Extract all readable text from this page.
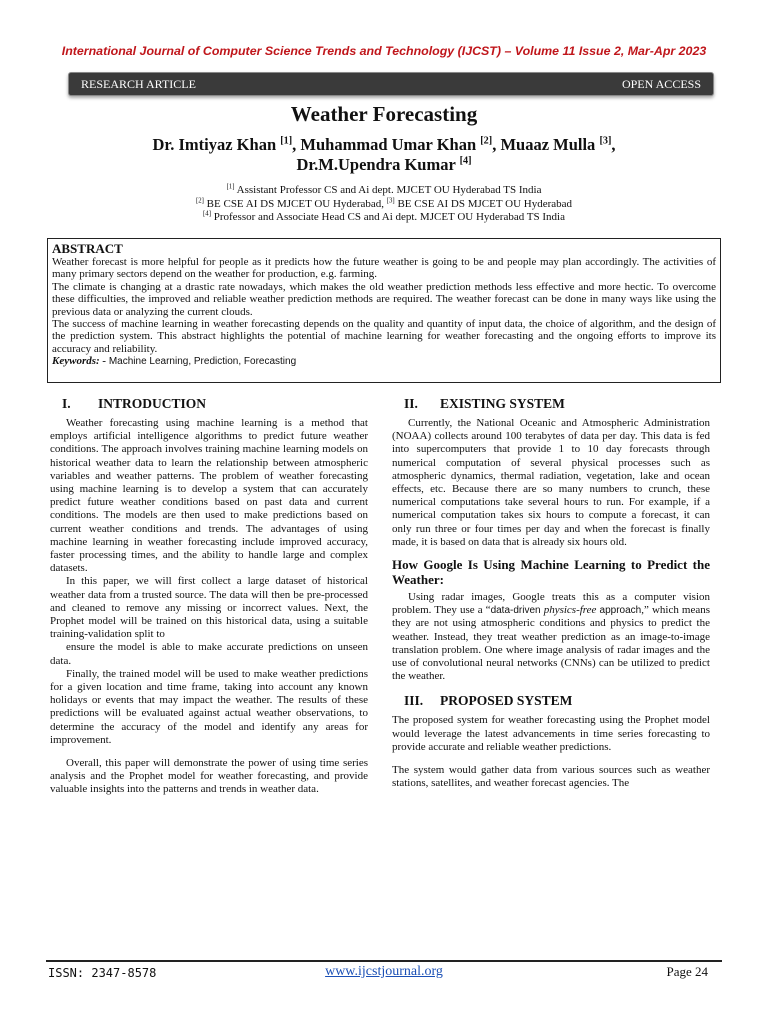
International Journal of Computer Science Trends and Technology (IJCST) – Volume 11 Issue 2, Mar-Apr 2023
RESEARCH ARTICLE	OPEN ACCESS
Weather Forecasting
Dr. Imtiyaz Khan [1], Muhammad Umar Khan [2], Muaaz Mulla [3],
Dr.M.Upendra Kumar [4]
[1] Assistant Professor CS and Ai dept. MJCET OU Hyderabad TS India
[2] BE CSE AI DS MJCET OU Hyderabad, [3] BE CSE AI DS MJCET OU Hyderabad
[4] Professor and Associate Head CS and Ai dept. MJCET OU Hyderabad TS India
ABSTRACT

Weather forecast is more helpful for people as it predicts how the future weather is going to be and people may plan accordingly. The activities of many primary sectors depend on the weather for production, e.g. farming.

The climate is changing at a drastic rate nowadays, which makes the old weather prediction methods less effective and more hectic. To overcome these difficulties, the improved and reliable weather prediction methods are required. The weather forecast can be done in many ways like using the previous data or analyzing the current clouds.

The success of machine learning in weather forecasting depends on the quality and quantity of input data, the choice of algorithm, and the design of the prediction system. This abstract highlights the potential of machine learning for weather forecasting and the ongoing efforts to improve its accuracy and reliability.

Keywords: - Machine Learning, Prediction, Forecasting

I. INTRODUCTION

Weather forecasting using machine learning is a method that employs artificial intelligence algorithms to predict future weather conditions. The approach involves training machine learning models on historical weather data to learn the relationship between atmospheric variables and weather patterns. The problem of weather forecasting using machine learning is to develop a system that can accurately predict future weather conditions based on past data and current conditions. The models are then used to make predictions based on current weather conditions and trends. The advantages of using machine learning in weather forecasting include improved accuracy, faster processing times, and the ability to handle large and complex datasets.

In this paper, we will first collect a large dataset of historical weather data from a trusted source. The data will then be pre-processed and cleaned to remove any missing or incorrect values. Next, the Prophet model will be trained on this historical data, using a suitable training-validation split to

ensure the model is able to make accurate predictions on unseen data.

Finally, the trained model will be used to make weather predictions for a given location and time frame, taking into account any known holidays or events that may impact the weather. The results of these predictions will be evaluated against actual weather observations, to determine the accuracy of the model and identify any areas for improvement.

Overall, this paper will demonstrate the power of using time series analysis and the Prophet model for weather forecasting, and provide valuable insights into the patterns and trends in weather data.

II. EXISTING SYSTEM

Currently, the National Oceanic and Atmospheric Administration (NOAA) collects around 100 terabytes of data per day. This data is fed into supercomputers that provide 1 to 10 day forecasts through numerical computation of several physical processes such as atmospheric dynamics, thermal radiation, vegetation, lake and ocean effects, etc. Because there are so many numbers to crunch, these numerical computations take several hours to run. For example, if a numerical computation takes six hours to compute a forecast, it can only run three or four times per day and when the forecast is finally made, it is based on data that is already six hours old.

How Google Is Using Machine Learning to Predict the Weather:

Using radar images, Google treats this as a computer vision problem. They use a “data-driven physics-free approach,” which means they are not using atmospheric conditions and physics to predict the weather. Instead, they treat weather prediction as an image-to-image translation problem. One where image analysis of radar images and the use of convolutional neural networks (CNNs) can be utilized to predict the weather.

III. PROPOSED SYSTEM

The proposed system for weather forecasting using the Prophet model would leverage the latest advancements in time series forecasting to provide accurate and reliable weather predictions.

The system would gather data from various sources such as weather stations, satellites, and weather forecast agencies. The

ISSN: 2347-8578	www.ijcstjournal.org	Page 24
